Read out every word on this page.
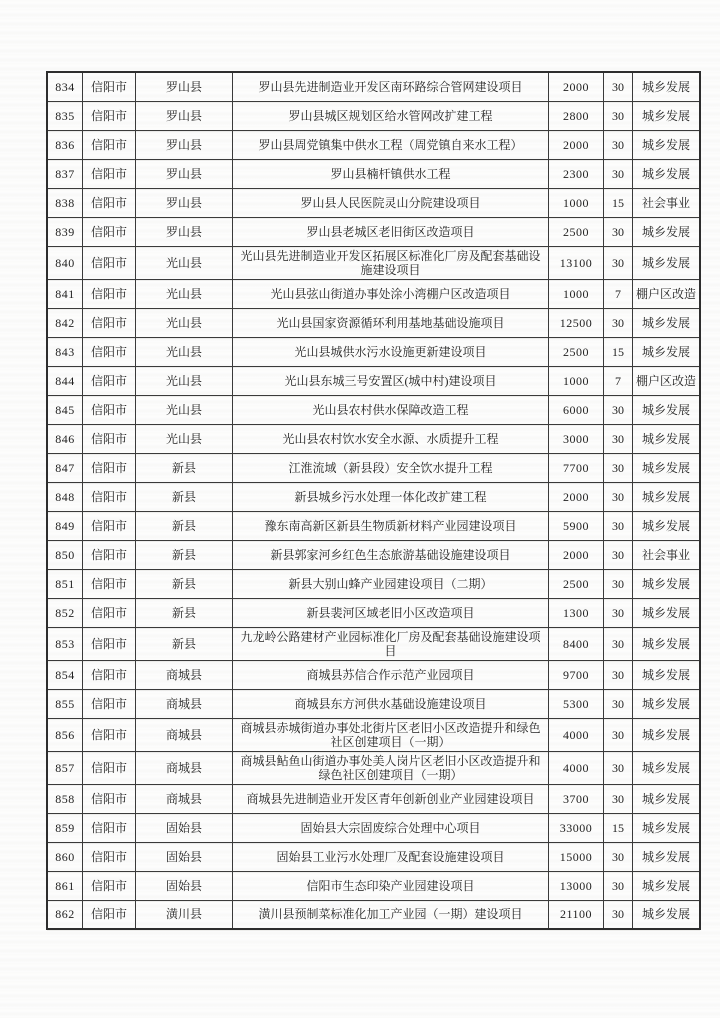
834	信阳市	罗山县	罗山县先进制造业开发区南环路综合管网建设项目	2000	30	城乡发展
835	信阳市	罗山县	罗山县城区规划区给水管网改扩建工程	2800	30	城乡发展
836	信阳市	罗山县	罗山县周党镇集中供水工程（周党镇自来水工程）	2000	30	城乡发展
837	信阳市	罗山县	罗山县楠杆镇供水工程	2300	30	城乡发展
838	信阳市	罗山县	罗山县人民医院灵山分院建设项目	1000	15	社会事业
839	信阳市	罗山县	罗山县老城区老旧街区改造项目	2500	30	城乡发展
840	信阳市	光山县	光山县先进制造业开发区拓展区标准化厂房及配套基础设施建设项目	13100	30	城乡发展
841	信阳市	光山县	光山县弦山街道办事处涂小湾棚户区改造项目	1000	7	棚户区改造
842	信阳市	光山县	光山县国家资源循环利用基地基础设施项目	12500	30	城乡发展
843	信阳市	光山县	光山县城供水污水设施更新建设项目	2500	15	城乡发展
844	信阳市	光山县	光山县东城三号安置区(城中村)建设项目	1000	7	棚户区改造
845	信阳市	光山县	光山县农村供水保障改造工程	6000	30	城乡发展
846	信阳市	光山县	光山县农村饮水安全水源、水质提升工程	3000	30	城乡发展
847	信阳市	新县	江淮流域（新县段）安全饮水提升工程	7700	30	城乡发展
848	信阳市	新县	新县城乡污水处理一体化改扩建工程	2000	30	城乡发展
849	信阳市	新县	豫东南高新区新县生物质新材料产业园建设项目	5900	30	城乡发展
850	信阳市	新县	新县郭家河乡红色生态旅游基础设施建设项目	2000	30	社会事业
851	信阳市	新县	新县大别山蜂产业园建设项目（二期）	2500	30	城乡发展
852	信阳市	新县	新县裴河区域老旧小区改造项目	1300	30	城乡发展
853	信阳市	新县	九龙岭公路建材产业园标准化厂房及配套基础设施建设项目	8400	30	城乡发展
854	信阳市	商城县	商城县苏信合作示范产业园项目	9700	30	城乡发展
855	信阳市	商城县	商城县东方河供水基础设施建设项目	5300	30	城乡发展
856	信阳市	商城县	商城县赤城街道办事处北街片区老旧小区改造提升和绿色社区创建项目（一期）	4000	30	城乡发展
857	信阳市	商城县	商城县鲇鱼山街道办事处美人岗片区老旧小区改造提升和绿色社区创建项目（一期）	4000	30	城乡发展
858	信阳市	商城县	商城县先进制造业开发区青年创新创业产业园建设项目	3700	30	城乡发展
859	信阳市	固始县	固始县大宗固废综合处理中心项目	33000	15	城乡发展
860	信阳市	固始县	固始县工业污水处理厂及配套设施建设项目	15000	30	城乡发展
861	信阳市	固始县	信阳市生态印染产业园建设项目	13000	30	城乡发展
862	信阳市	潢川县	潢川县预制菜标准化加工产业园（一期）建设项目	21100	30	城乡发展
